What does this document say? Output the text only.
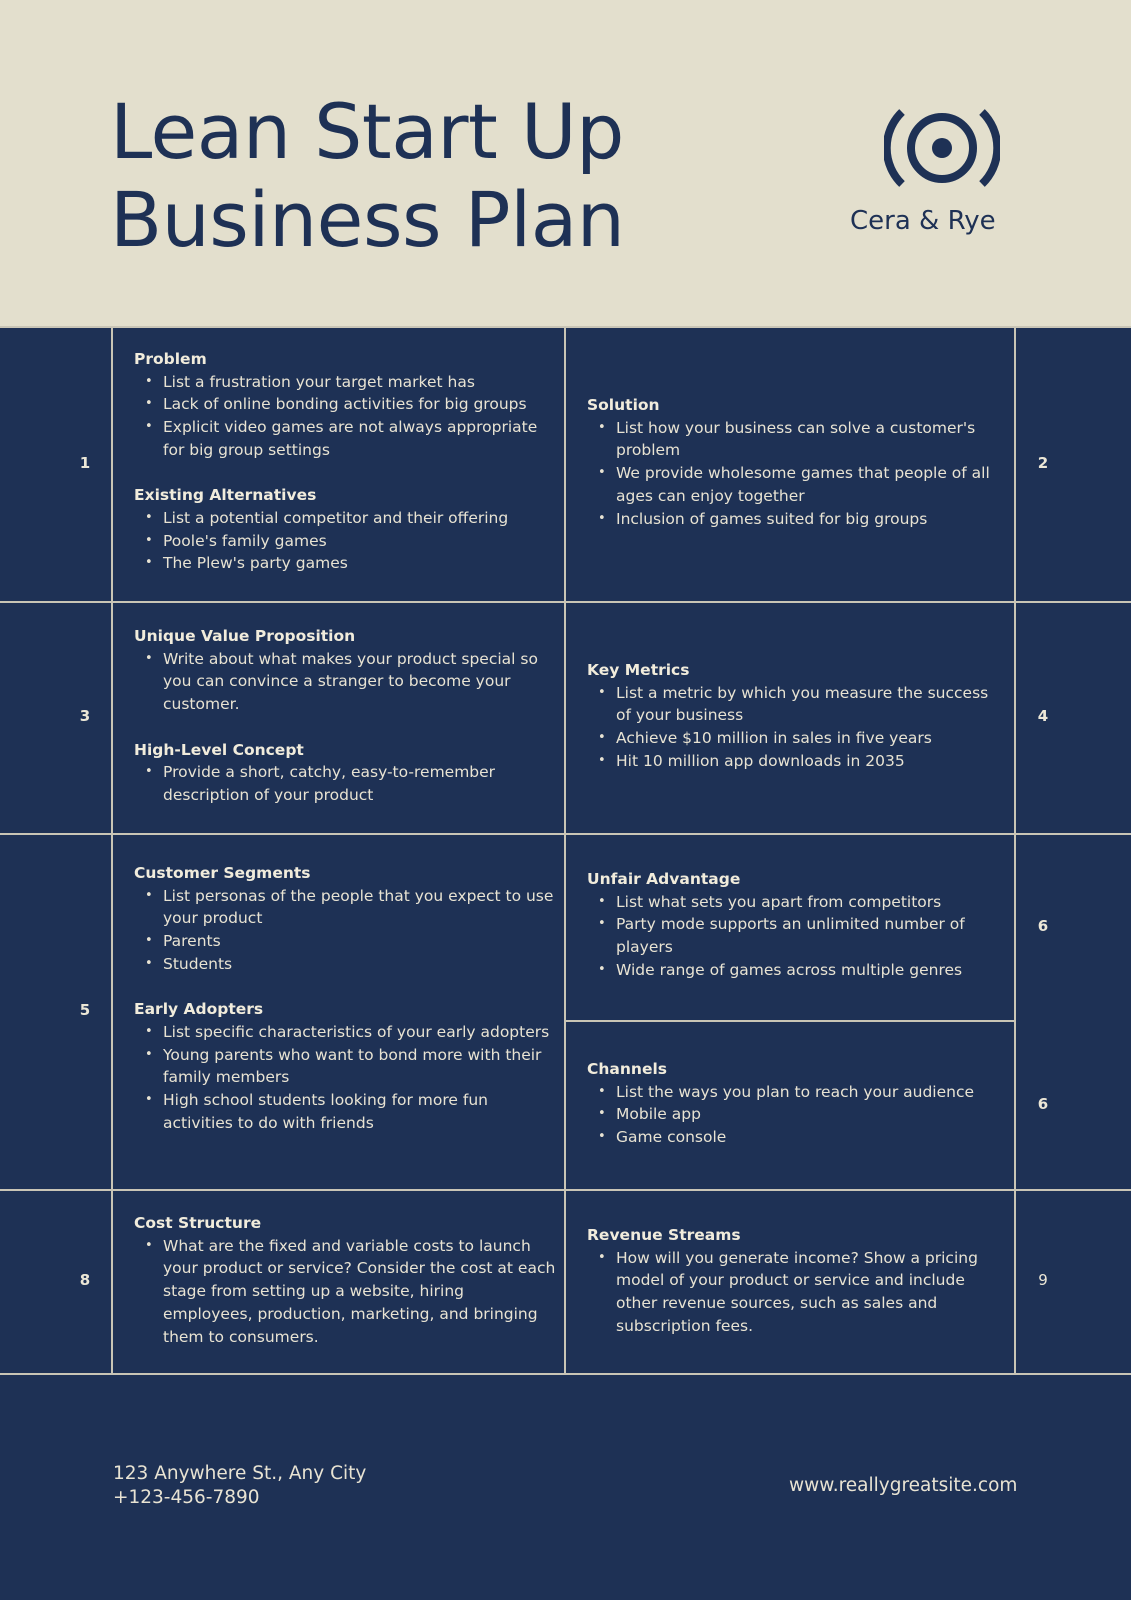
Lean Start Up
Business Plan	Cera & Rye
1
Problem
• List a frustration your target market has
• Lack of online bonding activities for big groups
• Explicit video games are not always appropriate for big group settings
Existing Alternatives
• List a potential competitor and their offering
• Poole's family games
• The Plew's party games
Solution
• List how your business can solve a customer's problem
• We provide wholesome games that people of all ages can enjoy together
• Inclusion of games suited for big groups
2
3
Unique Value Proposition
• Write about what makes your product special so you can convince a stranger to become your customer.
High-Level Concept
• Provide a short, catchy, easy-to-remember description of your product
Key Metrics
• List a metric by which you measure the success of your business
• Achieve $10 million in sales in five years
• Hit 10 million app downloads in 2035
4
5
Customer Segments
• List personas of the people that you expect to use your product
• Parents
• Students
Early Adopters
• List specific characteristics of your early adopters
• Young parents who want to bond more with their family members
• High school students looking for more fun activities to do with friends
Unfair Advantage
• List what sets you apart from competitors
• Party mode supports an unlimited number of players
• Wide range of games across multiple genres
6
Channels
• List the ways you plan to reach your audience
• Mobile app
• Game console
6
8
Cost Structure
• What are the fixed and variable costs to launch your product or service? Consider the cost at each stage from setting up a website, hiring employees, production, marketing, and bringing them to consumers.
Revenue Streams
• How will you generate income? Show a pricing model of your product or service and include other revenue sources, such as sales and subscription fees.
9
123 Anywhere St., Any City
+123-456-7890
www.reallygreatsite.com
